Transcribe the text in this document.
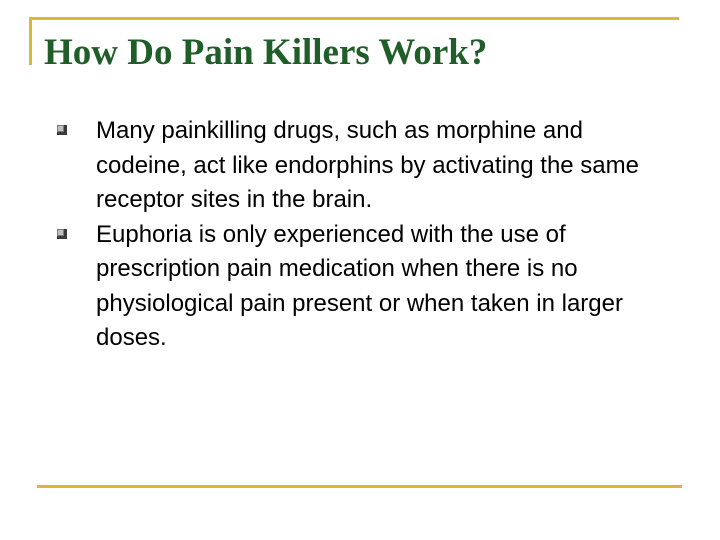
How Do Pain Killers Work?
Many painkilling drugs, such as morphine and codeine, act like endorphins by activating the same receptor sites in the brain.
Euphoria is only experienced with the use of prescription pain medication when there is no physiological pain present or when taken in larger doses.
